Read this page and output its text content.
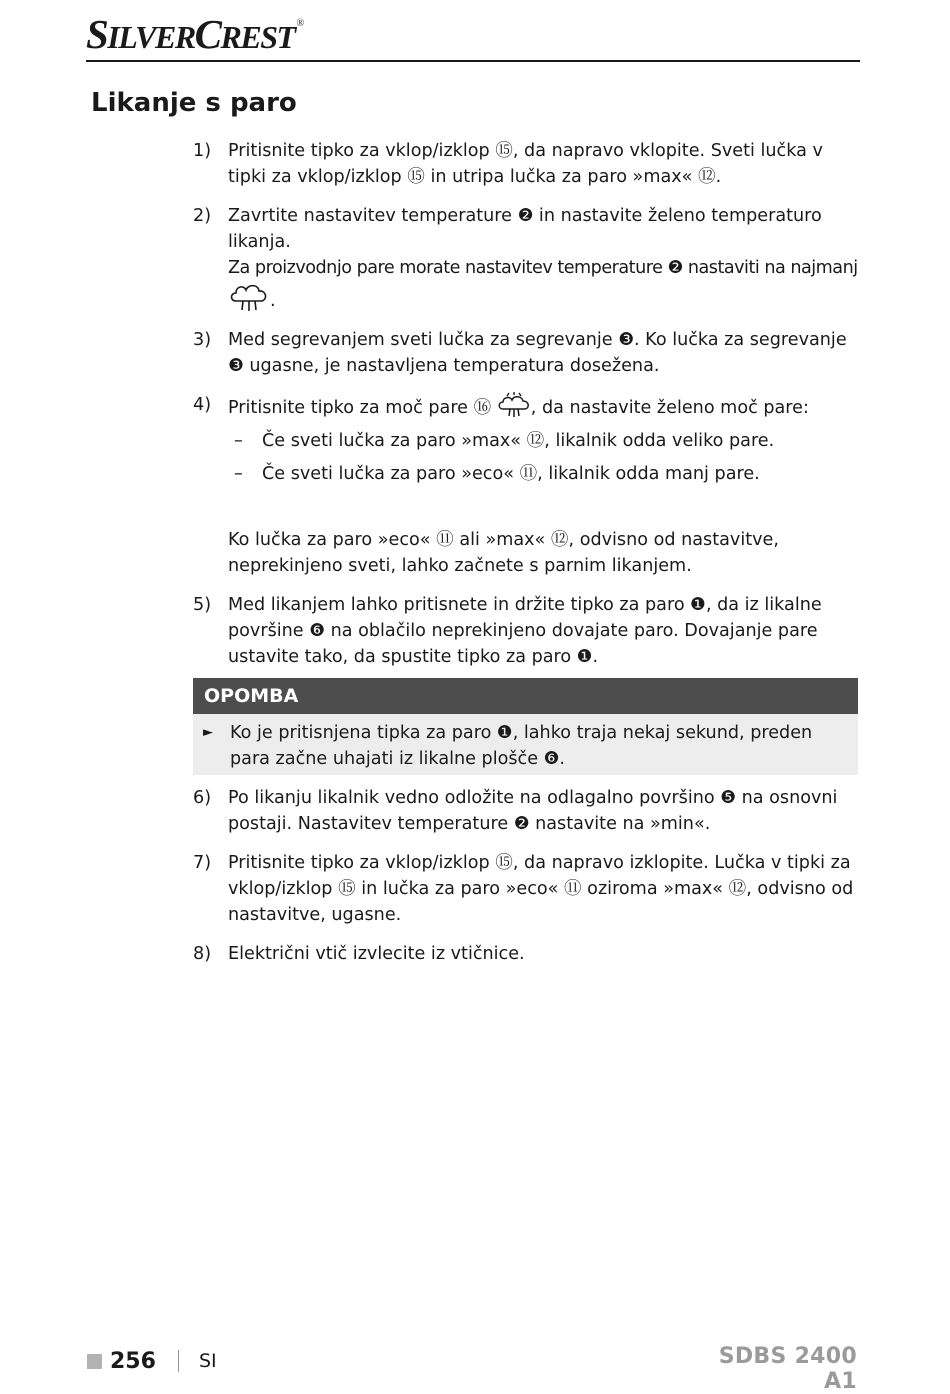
SILVERCREST ®
Likanje s paro
1) Pritisnite tipko za vklop/izklop ⑮, da napravo vklopite. Sveti lučka v tipki za vklop/izklop ⑮ in utripa lučka za paro »max« ⑫.
2) Zavrtite nastavitev temperature ❷ in nastavite želeno temperaturo likanja.
Za proizvodnjo pare morate nastavitev temperature ❷ nastaviti na najmanj .
3) Med segrevanjem sveti lučka za segrevanje ❸. Ko lučka za segrevanje ❸ ugasne, je nastavljena temperatura dosežena.
4) Pritisnite tipko za moč pare ⑯ , da nastavite želeno moč pare:
–	Če sveti lučka za paro »max« ⑫, likalnik odda veliko pare.
–	Če sveti lučka za paro »eco« ⑪, likalnik odda manj pare.

Ko lučka za paro »eco« ⑪ ali »max« ⑫, odvisno od nastavitve, neprekinjeno sveti, lahko začnete s parnim likanjem.

5) Med likanjem lahko pritisnete in držite tipko za paro ❶, da iz likalne površine ❻ na oblačilo neprekinjeno dovajate paro. Dovajanje pare ustavite tako, da spustite tipko za paro ❶.
OPOMBA
► Ko je pritisnjena tipka za paro ❶, lahko traja nekaj sekund, preden para začne uhajati iz likalne plošče ❻.
6) Po likanju likalnik vedno odložite na odlagalno površino ❺ na osnovni postaji. Nastavitev temperature ❷ nastavite na »min«.
7) Pritisnite tipko za vklop/izklop ⑮, da napravo izklopite. Lučka v tipki za vklop/izklop ⑮ in lučka za paro »eco« ⑪ oziroma »max« ⑫, odvisno od nastavitve, ugasne.
8) Električni vtič izvlecite iz vtičnice.
256 SI	SDBS 2400 A1
